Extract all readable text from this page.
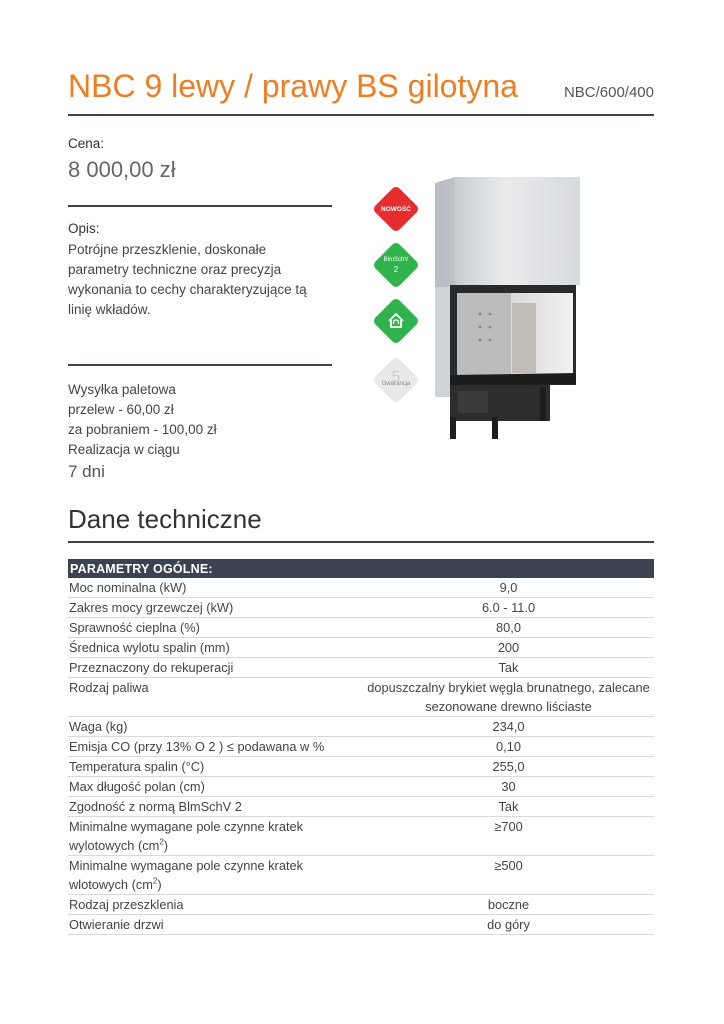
NBC 9 lewy / prawy BS gilotyna	NBC/600/400
Cena:
8 000,00 zł
Opis:
Potrójne przeszklenie, doskonałe
parametry techniczne oraz precyzja
wykonania to cechy charakteryzujące tą
linię wkładów.
Wysyłka paletowa
przelew - 60,00 zł
za pobraniem - 100,00 zł
Realizacja w ciągu
7 dni
NOWOŚĆ
BlmSchV
2
5
Gwarancja
Dane techniczne
PARAMETRY OGÓLNE:	
Moc nominalna (kW)	9,0
Zakres mocy grzewczej (kW)	6.0 - 11.0
Sprawność cieplna (%)	80,0
Średnica wylotu spalin (mm)	200
Przeznaczony do rekuperacji	Tak
Rodzaj paliwa	dopuszczalny brykiet węgla brunatnego, zalecane sezonowane drewno liściaste
Waga (kg)	234,0
Emisja CO (przy 13% O 2 ) ≤ podawana w %	0,10
Temperatura spalin (°C)	255,0
Max długość polan (cm)	30
Zgodność z normą BlmSchV 2	Tak
Minimalne wymagane pole czynne kratek wylotowych $(cm^2)$	≥700
Minimalne wymagane pole czynne kratek wlotowych $(cm^2)$	≥500
Rodzaj przeszklenia	boczne
Otwieranie drzwi	do góry
